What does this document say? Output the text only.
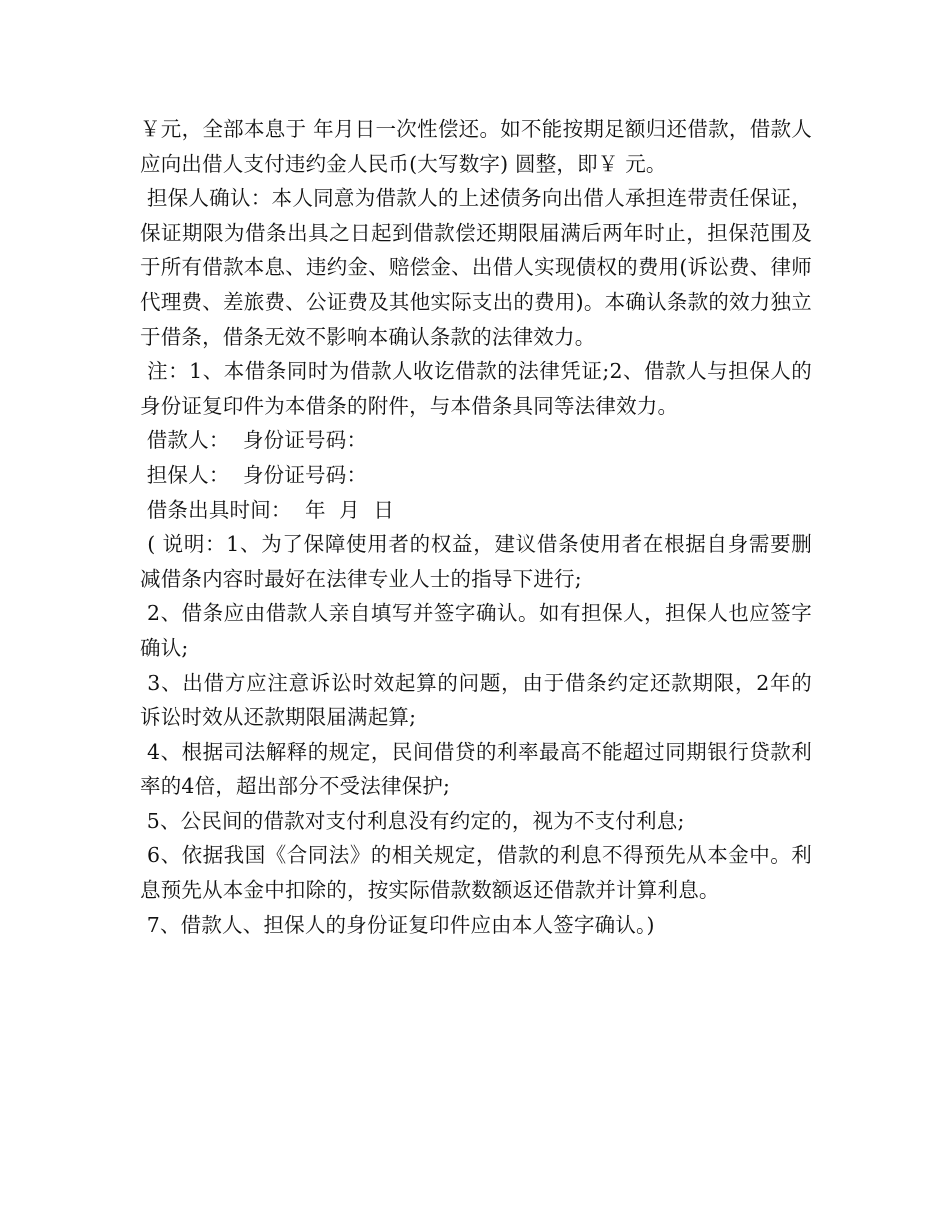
￥元，全部本息于 年月日一次性偿还。如不能按期足额归还借款，借款人应向出借人支付违约金人民币(大写数字) 圆整，即￥ 元。

担保人确认：本人同意为借款人的上述债务向出借人承担连带责任保证，保证期限为借条出具之日起到借款偿还期限届满后两年时止，担保范围及于所有借款本息、违约金、赔偿金、出借人实现债权的费用(诉讼费、律师代理费、差旅费、公证费及其他实际支出的费用)。本确认条款的效力独立于借条，借条无效不影响本确认条款的法律效力。

注：1、本借条同时为借款人收讫借款的法律凭证;2、借款人与担保人的身份证复印件为本借条的附件，与本借条具同等法律效力。

借款人：  身份证号码：

担保人：  身份证号码：

借条出具时间：  年  月  日

( 说明：1、为了保障使用者的权益，建议借条使用者在根据自身需要删减借条内容时最好在法律专业人士的指导下进行;

2、借条应由借款人亲自填写并签字确认。如有担保人，担保人也应签字确认;

3、出借方应注意诉讼时效起算的问题，由于借条约定还款期限，2年的诉讼时效从还款期限届满起算;

4、根据司法解释的规定，民间借贷的利率最高不能超过同期银行贷款利率的4倍，超出部分不受法律保护;

5、公民间的借款对支付利息没有约定的，视为不支付利息;

6、依据我国《合同法》的相关规定，借款的利息不得预先从本金中。利息预先从本金中扣除的，按实际借款数额返还借款并计算利息。

7、借款人、担保人的身份证复印件应由本人签字确认。)
